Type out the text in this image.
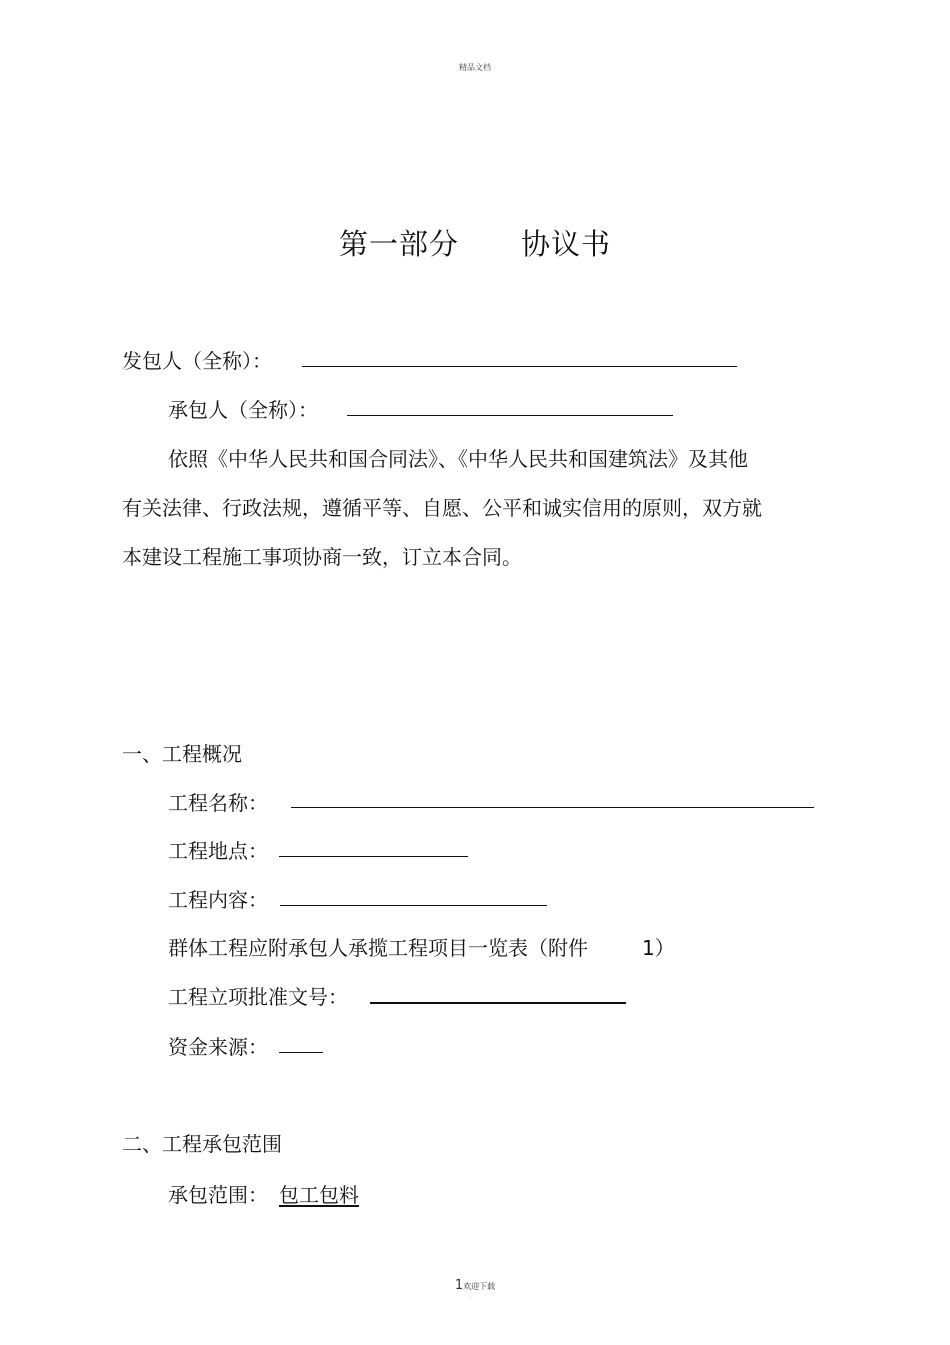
精品文档
第一部分 协议书
发包人（全称）：
承包人（全称）：
依照《中华人民共和国合同法》、《中华人民共和国建筑法》及其他
有关法律、行政法规，遵循平等、自愿、公平和诚实信用的原则，双方就
本建设工程施工事项协商一致，订立本合同。
一、工程概况
工程名称：
工程地点：
工程内容：
群体工程应附承包人承揽工程项目一览表（附件	1）
工程立项批准文号：
资金来源：
二、工程承包范围
承包范围： 包工包料
1欢迎下载
.
